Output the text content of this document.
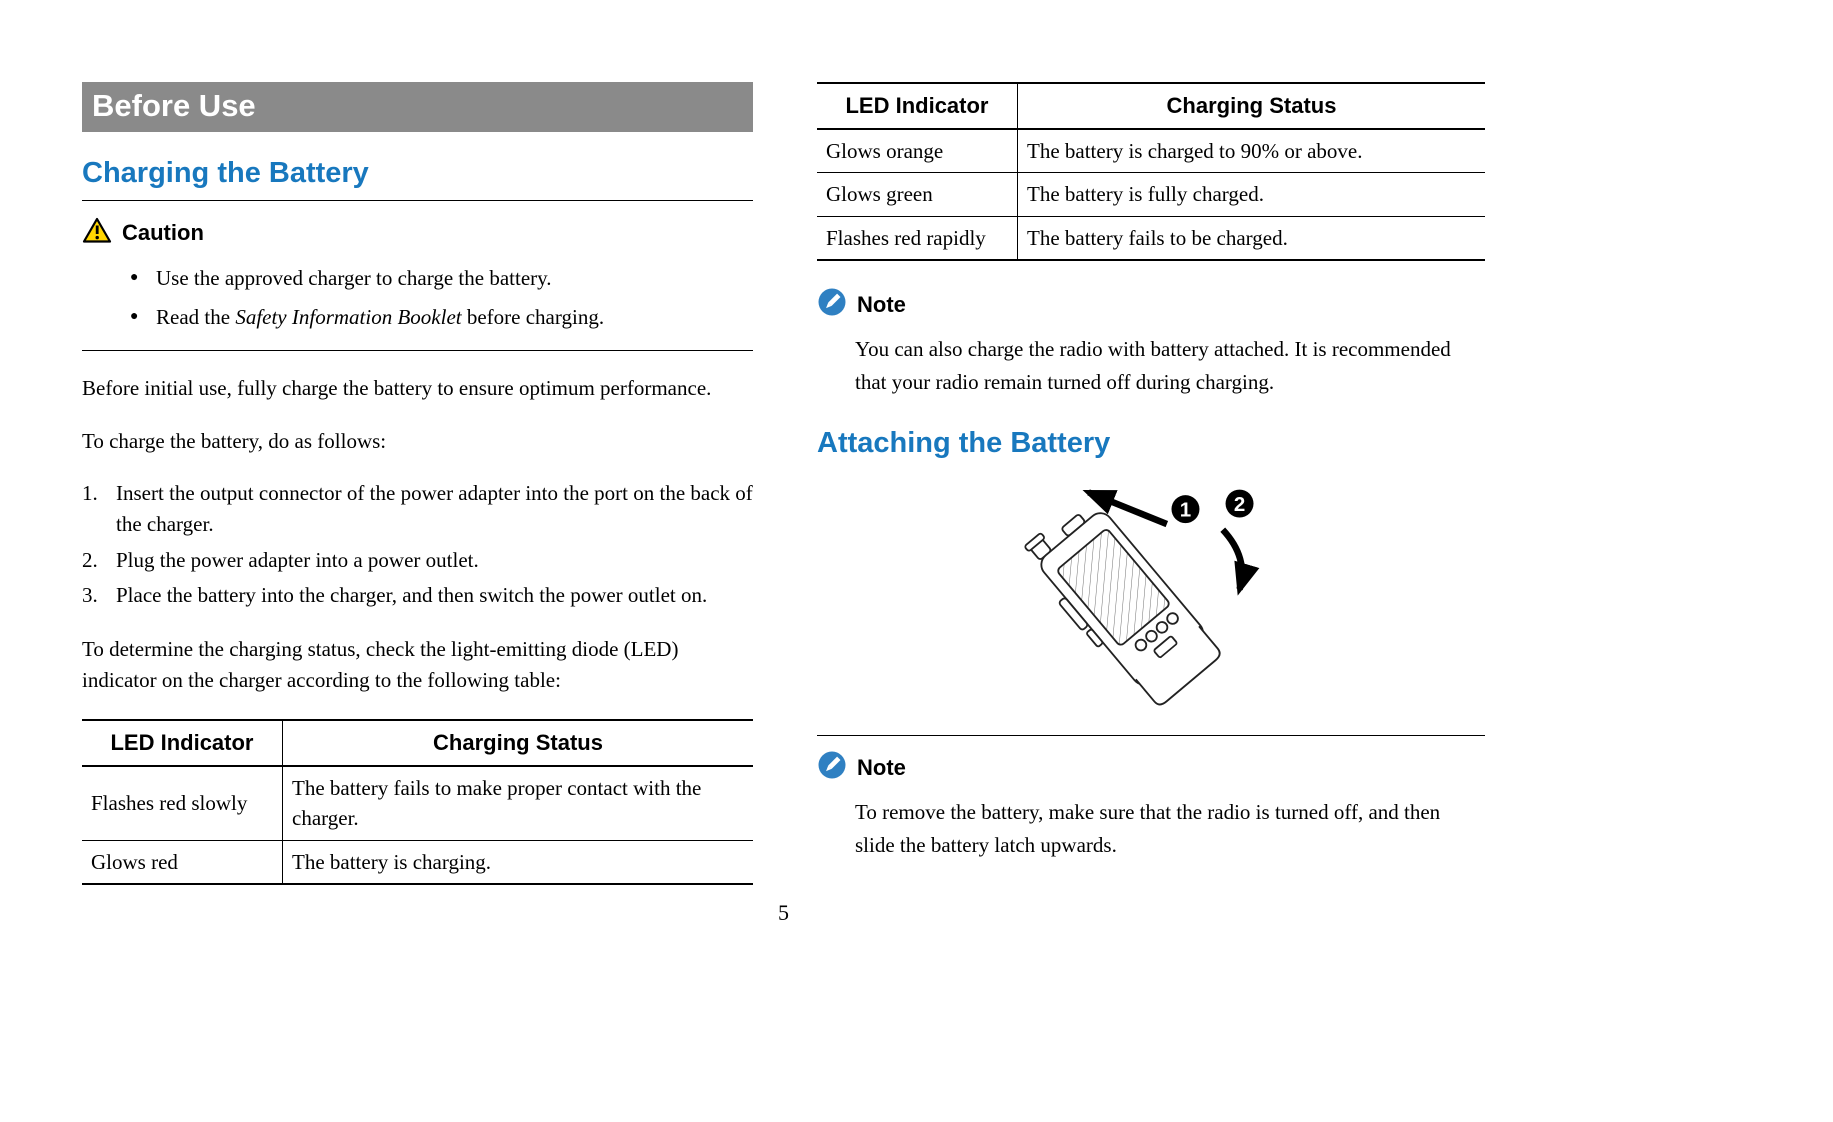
Before Use
Charging the Battery
Caution
● Use the approved charger to charge the battery.
● Read the Safety Information Booklet before charging.

Before initial use, fully charge the battery to ensure optimum performance.

To charge the battery, do as follows:

1. Insert the output connector of the power adapter into the port on the back of the charger.
2. Plug the power adapter into a power outlet.
3. Place the battery into the charger, and then switch the power outlet on.

To determine the charging status, check the light-emitting diode (LED) indicator on the charger according to the following table:

LED Indicator	Charging Status
Flashes red slowly	The battery fails to make proper contact with the charger.
Glows red	The battery is charging.
LED Indicator	Charging Status
Glows orange	The battery is charged to 90% or above.
Glows green	The battery is fully charged.
Flashes red rapidly	The battery fails to be charged.
Note

You can also charge the radio with battery attached. It is recommended that your radio remain turned off during charging.

Attaching the Battery
1 2
Note

To remove the battery, make sure that the radio is turned off, and then slide the battery latch upwards.

5
